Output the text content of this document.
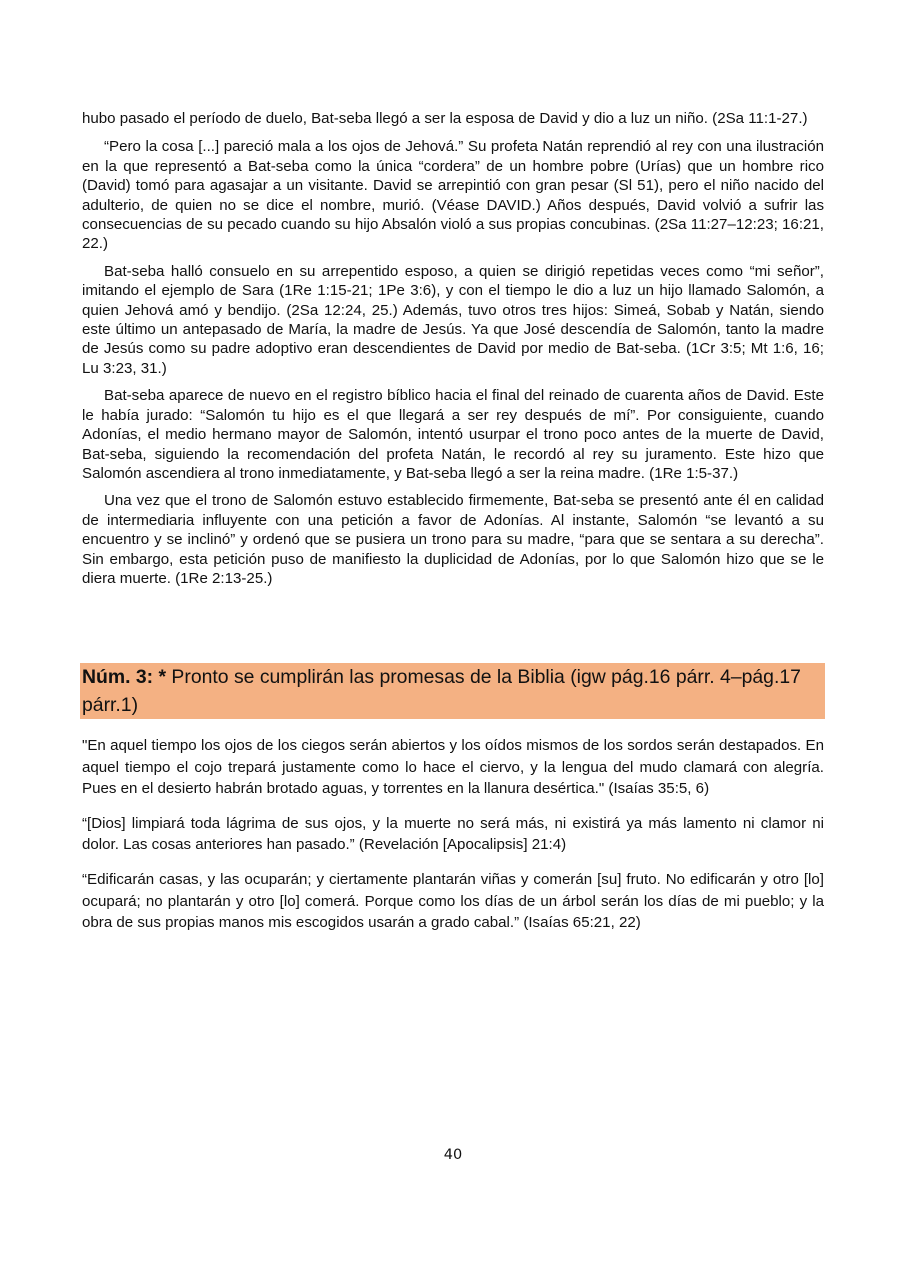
hubo pasado el período de duelo, Bat-seba llegó a ser la esposa de David y dio a luz un niño. (2Sa 11:1-27.)

“Pero la cosa [...] pareció mala a los ojos de Jehová.” Su profeta Natán reprendió al rey con una ilustración en la que representó a Bat-seba como la única “cordera” de un hombre pobre (Urías) que un hombre rico (David) tomó para agasajar a un visitante. David se arrepintió con gran pesar (Sl 51), pero el niño nacido del adulterio, de quien no se dice el nombre, murió. (Véase DAVID.) Años después, David volvió a sufrir las consecuencias de su pecado cuando su hijo Absalón violó a sus propias concubinas. (2Sa 11:27–12:23; 16:21, 22.)

Bat-seba halló consuelo en su arrepentido esposo, a quien se dirigió repetidas veces como “mi señor”, imitando el ejemplo de Sara (1Re 1:15-21; 1Pe 3:6), y con el tiempo le dio a luz un hijo llamado Salomón, a quien Jehová amó y bendijo. (2Sa 12:24, 25.) Además, tuvo otros tres hijos: Simeá, Sobab y Natán, siendo este último un antepasado de María, la madre de Jesús. Ya que José descendía de Salomón, tanto la madre de Jesús como su padre adoptivo eran descendientes de David por medio de Bat-seba. (1Cr 3:5; Mt 1:6, 16; Lu 3:23, 31.)

Bat-seba aparece de nuevo en el registro bíblico hacia el final del reinado de cuarenta años de David. Este le había jurado: “Salomón tu hijo es el que llegará a ser rey después de mí”. Por consiguiente, cuando Adonías, el medio hermano mayor de Salomón, intentó usurpar el trono poco antes de la muerte de David, Bat-seba, siguiendo la recomendación del profeta Natán, le recordó al rey su juramento. Este hizo que Salomón ascendiera al trono inmediatamente, y Bat-seba llegó a ser la reina madre. (1Re 1:5-37.)

Una vez que el trono de Salomón estuvo establecido firmemente, Bat-seba se presentó ante él en calidad de intermediaria influyente con una petición a favor de Adonías. Al instante, Salomón “se levantó a su encuentro y se inclinó” y ordenó que se pusiera un trono para su madre, “para que se sentara a su derecha”. Sin embargo, esta petición puso de manifiesto la duplicidad de Adonías, por lo que Salomón hizo que se le diera muerte. (1Re 2:13-25.)

Núm. 3: * Pronto se cumplirán las promesas de la Biblia (igw pág.16 párr. 4–pág.17 párr.1)

"En aquel tiempo los ojos de los ciegos serán abiertos y los oídos mismos de los sordos serán destapados. En aquel tiempo el cojo trepará justamente como lo hace el ciervo, y la lengua del mudo clamará con alegría. Pues en el desierto habrán brotado aguas, y torrentes en la llanura desértica." (Isaías 35:5, 6)

“[Dios] limpiará toda lágrima de sus ojos, y la muerte no será más, ni existirá ya más lamento ni clamor ni dolor. Las cosas anteriores han pasado.” (Revelación [Apocalipsis] 21:4)

“Edificarán casas, y las ocuparán; y ciertamente plantarán viñas y comerán [su] fruto. No edificarán y otro [lo] ocupará; no plantarán y otro [lo] comerá. Porque como los días de un árbol serán los días de mi pueblo; y la obra de sus propias manos mis escogidos usarán a grado cabal.” (Isaías 65:21, 22)

40
